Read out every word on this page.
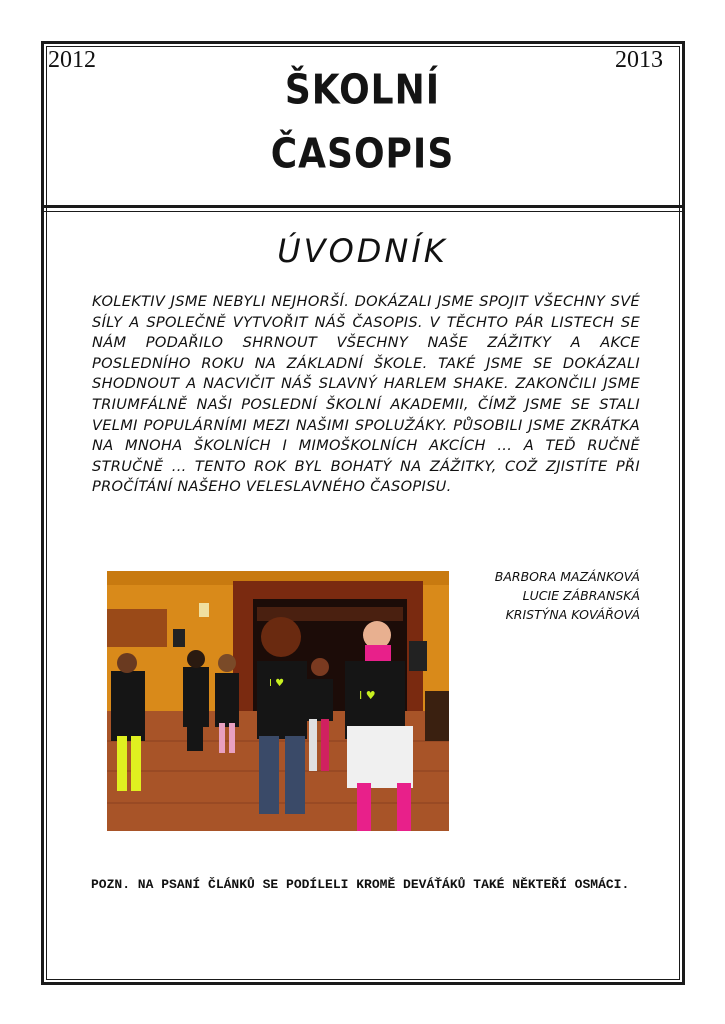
2012	2013
ŠKOLNÍ
ČASOPIS
ÚVODNÍK
KOLEKTIV JSME NEBYLI NEJHORŠÍ. DOKÁZALI JSME SPOJIT VŠECHNY SVÉ SÍLY A SPOLEČNĚ VYTVOŘIT NÁŠ ČASOPIS. V TĚCHTO PÁR LISTECH SE NÁM PODAŘILO SHRNOUT VŠECHNY NAŠE ZÁŽITKY A AKCE POSLEDNÍHO ROKU NA ZÁKLADNÍ ŠKOLE. TAKÉ JSME SE DOKÁZALI SHODNOUT A NACVIČIT NÁŠ SLAVNÝ HARLEM SHAKE. ZAKONČILI JSME TRIUMFÁLNĚ NAŠI POSLEDNÍ ŠKOLNÍ AKADEMII, ČÍMŽ JSME SE STALI VELMI POPULÁRNÍMI MEZI NAŠIMI SPOLUŽÁKY. PŮSOBILI JSME ZKRÁTKA NA MNOHA ŠKOLNÍCH I MIMOŠKOLNÍCH AKCÍCH ... A TEĎ RUČNĚ STRUČNĚ ... TENTO ROK BYL BOHATÝ NA ZÁŽITKY, COŽ ZJISTÍTE PŘI PROČÍTÁNÍ NAŠEHO VELESLAVNÉHO ČASOPISU.
BARBORA MAZÁNKOVÁ
LUCIE ZÁBRANSKÁ
KRISTÝNA KOVÁŘOVÁ
I ♥
I ♥
POZN. NA PSANÍ ČLÁNKŮ SE PODÍLELI KROMĚ DEVÁŤÁKŮ TAKÉ NĚKTEŘÍ OSMÁCI.
